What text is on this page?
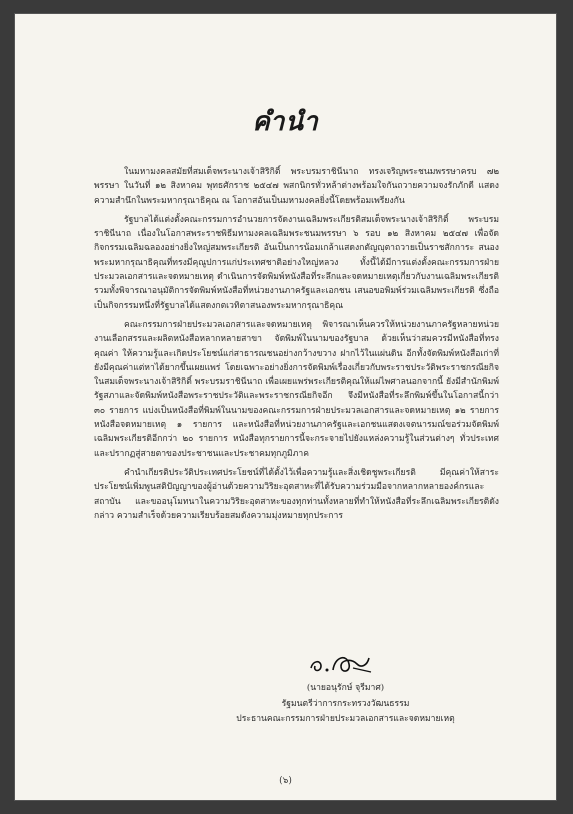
คำนำ

ในมหามงคลสมัยที่สมเด็จพระนางเจ้าสิริกิติ์ พระบรมราชินีนาถ ทรงเจริญพระชนมพรรษาครบ ๗๒ พรรษา ในวันที่ ๑๒ สิงหาคม พุทธศักราช ๒๕๔๗ พสกนิกรทั่วหล้าต่างพร้อมใจกันถวายความจงรักภักดี แสดงความสำนึกในพระมหากรุณาธิคุณ ณ โอกาสอันเป็นมหามงคลยิ่งนี้โดยพร้อมเพรียงกัน

รัฐบาลได้แต่งตั้งคณะกรรมการอำนวยการจัดงานเฉลิมพระเกียรติสมเด็จพระนางเจ้าสิริกิติ์ พระบรมราชินีนาถ เนื่องในโอกาสพระราชพิธีมหามงคลเฉลิมพระชนมพรรษา ๖ รอบ ๑๒ สิงหาคม ๒๕๔๗ เพื่อจัดกิจกรรมเฉลิมฉลองอย่างยิ่งใหญ่สมพระเกียรติ อันเป็นการน้อมเกล้าแสดงกตัญญุตาถวายเป็นราชสักการะ สนองพระมหากรุณาธิคุณที่ทรงมีคุณูปการแก่ประเทศชาติอย่างใหญ่หลวง ทั้งนี้ได้มีการแต่งตั้งคณะกรรมการฝ่ายประมวลเอกสารและจดหมายเหตุ ดำเนินการจัดพิมพ์หนังสือที่ระลึกและจดหมายเหตุเกี่ยวกับงานเฉลิมพระเกียรติรวมทั้งพิจารณาอนุมัติการจัดพิมพ์หนังสือที่หน่วยงานภาครัฐและเอกชน เสนอขอพิมพ์ร่วมเฉลิมพระเกียรติ ซึ่งถือเป็นกิจกรรมหนึ่งที่รัฐบาลได้แสดงกตเวทิตาสนองพระมหากรุณาธิคุณ

คณะกรรมการฝ่ายประมวลเอกสารและจดหมายเหตุ พิจารณาเห็นควรให้หน่วยงานภาครัฐหลายหน่วยงานเลือกสรรและผลิตหนังสือหลากหลายสาขา จัดพิมพ์ในนามของรัฐบาล ด้วยเห็นว่าสมควรมีหนังสือที่ทรงคุณค่า ให้ความรู้และเกิดประโยชน์แก่สาธารณชนอย่างกว้างขวาง ฝากไว้ในแผ่นดิน อีกทั้งจัดพิมพ์หนังสือเก่าที่ยังมีคุณค่าแต่หาได้ยากขึ้นเผยแพร่ โดยเฉพาะอย่างยิ่งการจัดพิมพ์เรื่องเกี่ยวกับพระราชประวัติพระราชกรณียกิจ ในสมเด็จพระนางเจ้าสิริกิติ์ พระบรมราชินีนาถ เพื่อเผยแพร่พระเกียรติคุณให้แผ่ไพศาลนอกจากนี้ ยังมีสำนักพิมพ์รัฐสภาและจัดพิมพ์หนังสือพระราชประวัติและพระราชกรณียกิจอีก จึงมีหนังสือที่ระลึกพิมพ์ขึ้นในโอกาสนี้กว่า ๓๐ รายการ แบ่งเป็นหนังสือที่พิมพ์ในนามของคณะกรรมการฝ่ายประมวลเอกสารและจดหมายเหตุ ๑๒ รายการ หนังสือจดหมายเหตุ ๑ รายการ และหนังสือที่หน่วยงานภาครัฐและเอกชนแสดงเจตนารมณ์ขอร่วมจัดพิมพ์เฉลิมพระเกียรติอีกกว่า ๒๐ รายการ หนังสือทุกรายการนี้จะกระจายไปยังแหล่งความรู้ในส่วนต่างๆ ทั่วประเทศ และปรากฏสู่สายตาของประชาชนและประชาคมทุกภูมิภาค

คำนำเกียรติประวัติประเทศประโยชน์ที่ได้ตั้งไว้เพื่อความรู้และสิ่งเชิดชูพระเกียรติ มีคุณค่าให้สาระประโยชน์เพิ่มพูนสติปัญญาของผู้อ่านด้วยความวิริยะอุตสาหะที่ได้รับความร่วมมือจากหลากหลายองค์กรและสถาบัน และขออนุโมทนาในความวิริยะอุตสาหะของทุกท่านทั้งหลายที่ทำให้หนังสือที่ระลึกเฉลิมพระเกียรติดังกล่าว ความสำเร็จด้วยความเรียบร้อยสมดังความมุ่งหมายทุกประการ

(นายอนุรักษ์ จุรีมาศ)
รัฐมนตรีว่าการกระทรวงวัฒนธรรม
ประธานคณะกรรมการฝ่ายประมวลเอกสารและจดหมายเหตุ
(๖)
